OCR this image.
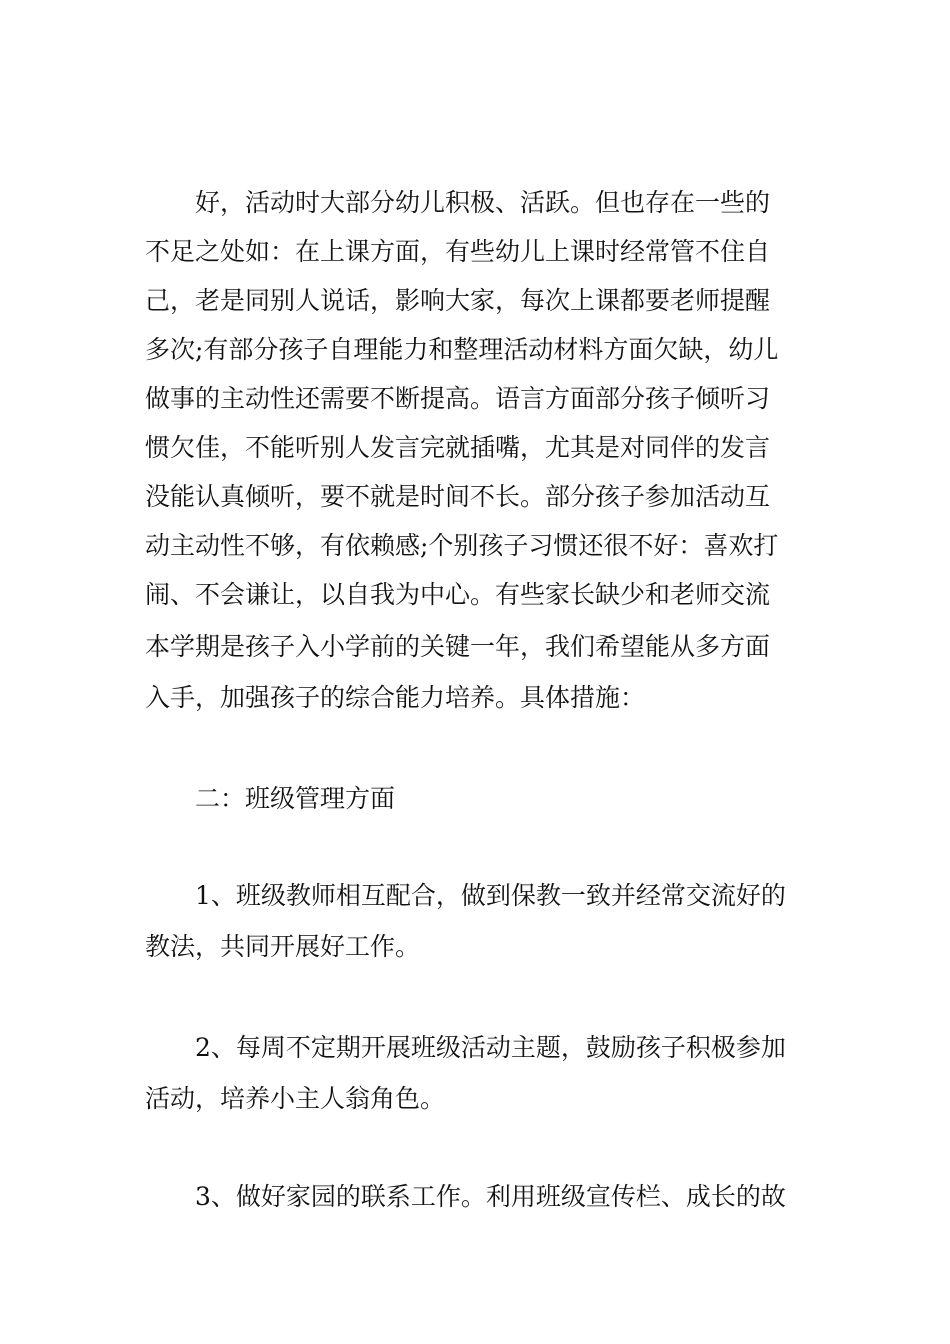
好，活动时大部分幼儿积极、活跃。但也存在一些的
不足之处如：在上课方面，有些幼儿上课时经常管不住自
己，老是同别人说话，影响大家，每次上课都要老师提醒
多次;有部分孩子自理能力和整理活动材料方面欠缺，幼儿
做事的主动性还需要不断提高。语言方面部分孩子倾听习
惯欠佳，不能听别人发言完就插嘴，尤其是对同伴的发言
没能认真倾听，要不就是时间不长。部分孩子参加活动互
动主动性不够，有依赖感;个别孩子习惯还很不好：喜欢打
闹、不会谦让，以自我为中心。有些家长缺少和老师交流
本学期是孩子入小学前的关键一年，我们希望能从多方面
入手，加强孩子的综合能力培养。具体措施：
二：班级管理方面
1、班级教师相互配合，做到保教一致并经常交流好的
教法，共同开展好工作。
2、每周不定期开展班级活动主题，鼓励孩子积极参加
活动，培养小主人翁角色。
3、做好家园的联系工作。利用班级宣传栏、成长的故
